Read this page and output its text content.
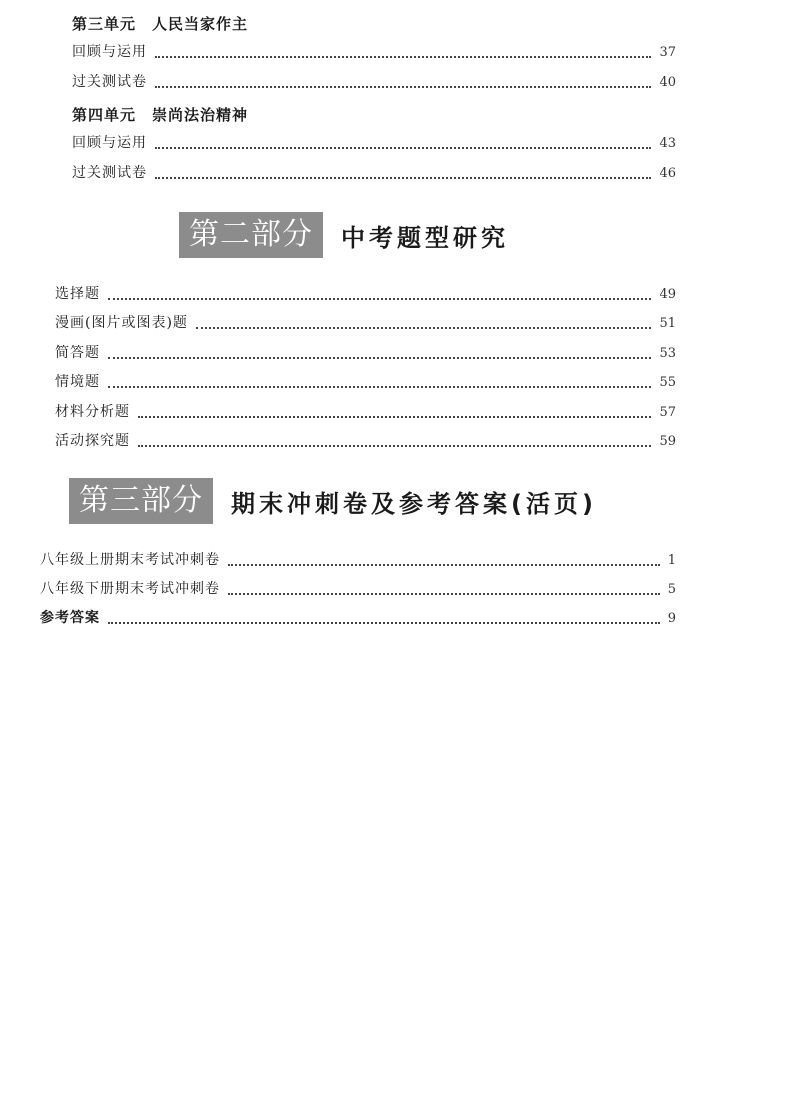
第三单元　人民当家作主
回顾与运用	37
过关测试卷	40
第四单元　崇尚法治精神
回顾与运用	43
过关测试卷	46
第二部分	中考题型研究
选择题	49
漫画(图片或图表)题	51
简答题	53
情境题	55
材料分析题	57
活动探究题	59
第三部分	期末冲刺卷及参考答案(活页)
八年级上册期末考试冲刺卷	1
八年级下册期末考试冲刺卷	5
参考答案	9
